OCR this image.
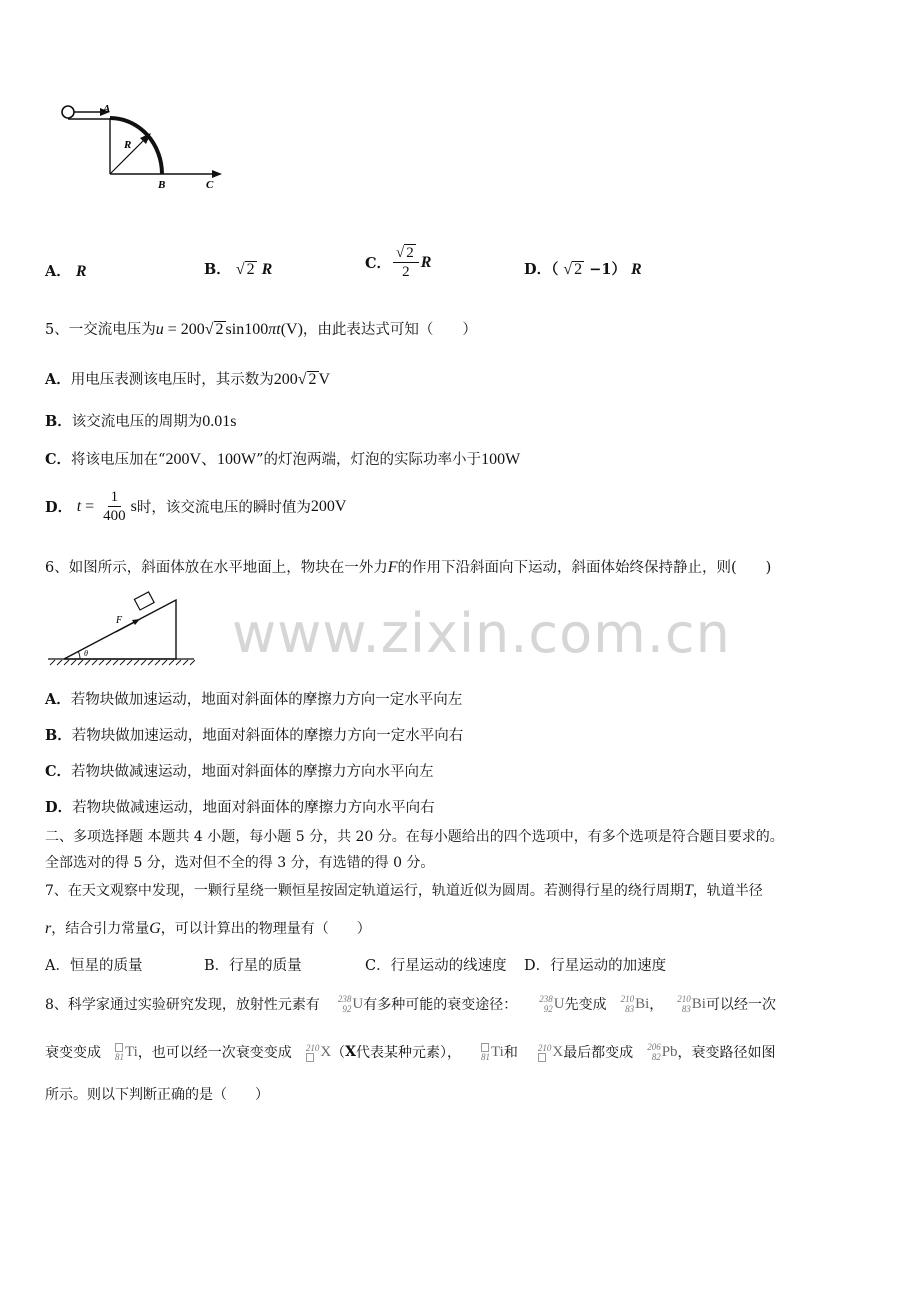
A
R
B	C
A． R	B． √ 2 R	C． $\frac{√ 2}{2}$ R	D．（ √ 2 −1） R
5、一交流电压为u = 200√ 2 sin100πt(V)，由此表达式可知（　　）
A．用电压表测该电压时，其示数为200√ 2 V
B．该交流电压的周期为0.01s
C．将该电压加在“200V、100W”的灯泡两端，灯泡的实际功率小于100W
D．
$t = \frac{1}{400}$ s 时，该交流电压的瞬时值为 200V
6、如图所示，斜面体放在水平地面上，物块在一外力F的作用下沿斜面向下运动，斜面体始终保持静止，则(　　)
F
θ	www.zixin.com.cn
A．若物块做加速运动，地面对斜面体的摩擦力方向一定水平向左
B．若物块做加速运动，地面对斜面体的摩擦力方向一定水平向右
C．若物块做减速运动，地面对斜面体的摩擦力方向水平向左
D．若物块做减速运动，地面对斜面体的摩擦力方向水平向右
二、多项选择题 本题共 4 小题，每小题 5 分，共 20 分。在每小题给出的四个选项中，有多个选项是符合题目要求的。
全部选对的得 5 分，选对但不全的得 3 分，有选错的得 0 分。
7、在天文观察中发现，一颗行星绕一颗恒星按固定轨道运行，轨道近似为圆周。若测得行星的绕行周期T，轨道半径
r，结合引力常量G，可以计算出的物理量有（　　）
A．恒星的质量	B．行星的质量	C．行星运动的线速度 D．行星运动的加速度
8、科学家通过实验研究发现，放射性元素有 238
92 U 有多种可能的衰变途径： 238
92 U 先变成 210
83 Bi ， 210
83 Bi 可以经一次
衰变变成 81 Ti ，也可以经一次衰变变成 210 X （ X 代表某种元素）， 81 Ti 和 210 X 最后都变成 206
82 Pb ，衰变路径如图
所示。则以下判断正确的是（　　）
